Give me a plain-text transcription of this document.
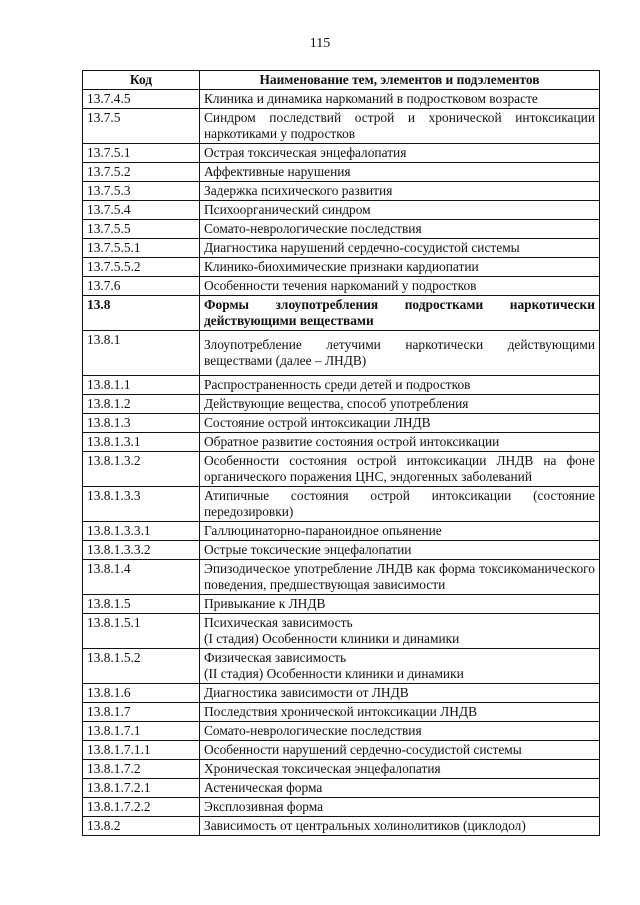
115
Код	Наименование тем, элементов и подэлементов
13.7.4.5	Клиника и динамика наркоманий в подростковом возрасте
13.7.5	Синдром последствий острой и хронической интоксикации наркотиками у подростков
13.7.5.1	Острая токсическая энцефалопатия
13.7.5.2	Аффективные нарушения
13.7.5.3	Задержка психического развития
13.7.5.4	Психоорганический синдром
13.7.5.5	Сомато-неврологические последствия
13.7.5.5.1	Диагностика нарушений сердечно-сосудистой системы
13.7.5.5.2	Клинико-биохимические признаки кардиопатии
13.7.6	Особенности течения наркоманий у подростков
13.8	Формы злоупотребления подростками наркотически действующими веществами
13.8.1	Злоупотребление летучими наркотически действующими веществами (далее – ЛНДВ)
13.8.1.1	Распространенность среди детей и подростков
13.8.1.2	Действующие вещества, способ употребления
13.8.1.3	Состояние острой интоксикации ЛНДВ
13.8.1.3.1	Обратное развитие состояния острой интоксикации
13.8.1.3.2	Особенности состояния острой интоксикации ЛНДВ на фоне органического поражения ЦНС, эндогенных заболеваний
13.8.1.3.3	Атипичные состояния острой интоксикации (состояние передозировки)
13.8.1.3.3.1	Галлюцинаторно-параноидное опьянение
13.8.1.3.3.2	Острые токсические энцефалопатии
13.8.1.4	Эпизодическое употребление ЛНДВ как форма токсикоманического поведения, предшествующая зависимости
13.8.1.5	Привыкание к ЛНДВ
13.8.1.5.1	Психическая зависимость
(I стадия) Особенности клиники и динамики

13.8.1.5.2	Физическая зависимость
(II стадия) Особенности клиники и динамики

13.8.1.6	Диагностика зависимости от ЛНДВ
13.8.1.7	Последствия хронической интоксикации ЛНДВ
13.8.1.7.1	Сомато-неврологические последствия
13.8.1.7.1.1	Особенности нарушений сердечно-сосудистой системы
13.8.1.7.2	Хроническая токсическая энцефалопатия
13.8.1.7.2.1	Астеническая форма
13.8.1.7.2.2	Эксплозивная форма
13.8.2	Зависимость от центральных холинолитиков (циклодол)
